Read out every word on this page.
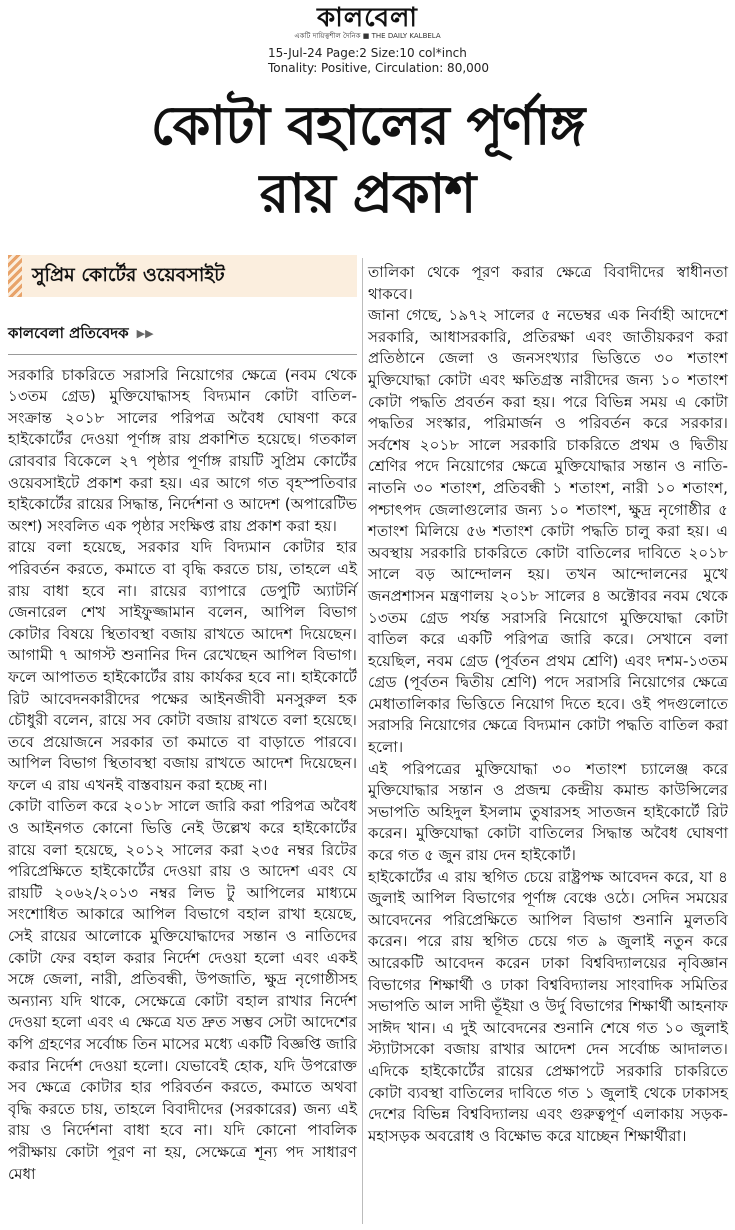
কালবেলা
একটি দায়িত্বশীল দৈনিক ■ THE DAILY KALBELA
15-Jul-24 Page:2 Size:10 col*inch
Tonality: Positive, Circulation: 80,000
কোটা বহালের পূর্ণাঙ্গ
রায় প্রকাশ
সুপ্রিম কোর্টের ওয়েবসাইট
কালবেলা প্রতিবেদক ▶▶

সরকারি চাকরিতে সরাসরি নিয়োগের ক্ষেত্রে (নবম থেকে ১৩তম গ্রেড) মুক্তিযোদ্ধাসহ বিদ্যমান কোটা বাতিল-সংক্রান্ত ২০১৮ সালের পরিপত্র অবৈধ ঘোষণা করে হাইকোর্টের দেওয়া পূর্ণাঙ্গ রায় প্রকাশিত হয়েছে। গতকাল রোববার বিকেলে ২৭ পৃষ্ঠার পূর্ণাঙ্গ রায়টি সুপ্রিম কোর্টের ওয়েবসাইটে প্রকাশ করা হয়। এর আগে গত বৃহস্পতিবার হাইকোর্টের রায়ের সিদ্ধান্ত, নির্দেশনা ও আদেশ (অপারেটিভ অংশ) সংবলিত এক পৃষ্ঠার সংক্ষিপ্ত রায় প্রকাশ করা হয়।

রায়ে বলা হয়েছে, সরকার যদি বিদ্যমান কোটার হার পরিবর্তন করতে, কমাতে বা বৃদ্ধি করতে চায়, তাহলে এই রায় বাধা হবে না। রায়ের ব্যাপারে ডেপুটি অ্যাটর্নি জেনারেল শেখ সাইফুজ্জামান বলেন, আপিল বিভাগ কোটার বিষয়ে স্থিতাবস্থা বজায় রাখতে আদেশ দিয়েছেন। আগামী ৭ আগস্ট শুনানির দিন রেখেছেন আপিল বিভাগ। ফলে আপাতত হাইকোর্টের রায় কার্যকর হবে না। হাইকোর্টে রিট আবেদনকারীদের পক্ষের আইনজীবী মনসুরুল হক চৌধুরী বলেন, রায়ে সব কোটা বজায় রাখতে বলা হয়েছে। তবে প্রয়োজনে সরকার তা কমাতে বা বাড়াতে পারবে। আপিল বিভাগ স্থিতাবস্থা বজায় রাখতে আদেশ দিয়েছেন। ফলে এ রায় এখনই বাস্তবায়ন করা হচ্ছে না।

কোটা বাতিল করে ২০১৮ সালে জারি করা পরিপত্র অবৈধ ও আইনগত কোনো ভিত্তি নেই উল্লেখ করে হাইকোর্টের রায়ে বলা হয়েছে, ২০১২ সালের করা ২৩৫ নম্বর রিটের পরিপ্রেক্ষিতে হাইকোর্টের দেওয়া রায় ও আদেশ এবং যে রায়টি ২০৬২/২০১৩ নম্বর লিভ টু আপিলের মাধ্যমে সংশোধিত আকারে আপিল বিভাগে বহাল রাখা হয়েছে, সেই রায়ের আলোকে মুক্তিযোদ্ধাদের সন্তান ও নাতিদের কোটা ফের বহাল করার নির্দেশ দেওয়া হলো এবং একই সঙ্গে জেলা, নারী, প্রতিবন্ধী, উপজাতি, ক্ষুদ্র নৃগোষ্ঠীসহ অন্যান্য যদি থাকে, সেক্ষেত্রে কোটা বহাল রাখার নির্দেশ দেওয়া হলো এবং এ ক্ষেত্রে যত দ্রুত সম্ভব সেটা আদেশের কপি গ্রহণের সর্বোচ্চ তিন মাসের মধ্যে একটি বিজ্ঞপ্তি জারি করার নির্দেশ দেওয়া হলো। যেভাবেই হোক, যদি উপরোক্ত সব ক্ষেত্রে কোটার হার পরিবর্তন করতে, কমাতে অথবা বৃদ্ধি করতে চায়, তাহলে বিবাদীদের (সরকারের) জন্য এই রায় ও নির্দেশনা বাধা হবে না। যদি কোনো পাবলিক পরীক্ষায় কোটা পূরণ না হয়, সেক্ষেত্রে শূন্য পদ সাধারণ মেধা

তালিকা থেকে পূরণ করার ক্ষেত্রে বিবাদীদের স্বাধীনতা থাকবে।

জানা গেছে, ১৯৭২ সালের ৫ নভেম্বর এক নির্বাহী আদেশে সরকারি, আধাসরকারি, প্রতিরক্ষা এবং জাতীয়করণ করা প্রতিষ্ঠানে জেলা ও জনসংখ্যার ভিত্তিতে ৩০ শতাংশ মুক্তিযোদ্ধা কোটা এবং ক্ষতিগ্রস্ত নারীদের জন্য ১০ শতাংশ কোটা পদ্ধতি প্রবর্তন করা হয়। পরে বিভিন্ন সময় এ কোটা পদ্ধতির সংস্কার, পরিমার্জন ও পরিবর্তন করে সরকার। সর্বশেষ ২০১৮ সালে সরকারি চাকরিতে প্রথম ও দ্বিতীয় শ্রেণির পদে নিয়োগের ক্ষেত্রে মুক্তিযোদ্ধার সন্তান ও নাতি-নাতনি ৩০ শতাংশ, প্রতিবন্ধী ১ শতাংশ, নারী ১০ শতাংশ, পশ্চাৎপদ জেলাগুলোর জন্য ১০ শতাংশ, ক্ষুদ্র নৃগোষ্ঠীর ৫ শতাংশ মিলিয়ে ৫৬ শতাংশ কোটা পদ্ধতি চালু করা হয়। এ অবস্থায় সরকারি চাকরিতে কোটা বাতিলের দাবিতে ২০১৮ সালে বড় আন্দোলন হয়। তখন আন্দোলনের মুখে জনপ্রশাসন মন্ত্রণালয় ২০১৮ সালের ৪ অক্টোবর নবম থেকে ১৩তম গ্রেড পর্যন্ত সরাসরি নিয়োগে মুক্তিযোদ্ধা কোটা বাতিল করে একটি পরিপত্র জারি করে। সেখানে বলা হয়েছিল, নবম গ্রেড (পূর্বতন প্রথম শ্রেণি) এবং দশম-১৩তম গ্রেড (পূর্বতন দ্বিতীয় শ্রেণি) পদে সরাসরি নিয়োগের ক্ষেত্রে মেধাতালিকার ভিত্তিতে নিয়োগ দিতে হবে। ওই পদগুলোতে সরাসরি নিয়োগের ক্ষেত্রে বিদ্যমান কোটা পদ্ধতি বাতিল করা হলো।

এই পরিপত্রের মুক্তিযোদ্ধা ৩০ শতাংশ চ্যালেঞ্জ করে মুক্তিযোদ্ধার সন্তান ও প্রজন্ম কেন্দ্রীয় কমান্ড কাউন্সিলের সভাপতি অহিদুল ইসলাম তুষারসহ সাতজন হাইকোর্টে রিট করেন। মুক্তিযোদ্ধা কোটা বাতিলের সিদ্ধান্ত অবৈধ ঘোষণা করে গত ৫ জুন রায় দেন হাইকোর্ট।

হাইকোর্টের এ রায় স্থগিত চেয়ে রাষ্ট্রপক্ষ আবেদন করে, যা ৪ জুলাই আপিল বিভাগের পূর্ণাঙ্গ বেঞ্চে ওঠে। সেদিন সময়ের আবেদনের পরিপ্রেক্ষিতে আপিল বিভাগ শুনানি মুলতবি করেন। পরে রায় স্থগিত চেয়ে গত ৯ জুলাই নতুন করে আরেকটি আবেদন করেন ঢাকা বিশ্ববিদ্যালয়ের নৃবিজ্ঞান বিভাগের শিক্ষার্থী ও ঢাকা বিশ্ববিদ্যালয় সাংবাদিক সমিতির সভাপতি আল সাদী ভূঁইয়া ও উর্দু বিভাগের শিক্ষার্থী আহনাফ সাঈদ খান। এ দুই আবেদনের শুনানি শেষে গত ১০ জুলাই স্ট্যাটাসকো বজায় রাখার আদেশ দেন সর্বোচ্চ আদালত। এদিকে হাইকোর্টের রায়ের প্রেক্ষাপটে সরকারি চাকরিতে কোটা ব্যবস্থা বাতিলের দাবিতে গত ১ জুলাই থেকে ঢাকাসহ দেশের বিভিন্ন বিশ্ববিদ্যালয় এবং গুরুত্বপূর্ণ এলাকায় সড়ক-মহাসড়ক অবরোধ ও বিক্ষোভ করে যাচ্ছেন শিক্ষার্থীরা।
